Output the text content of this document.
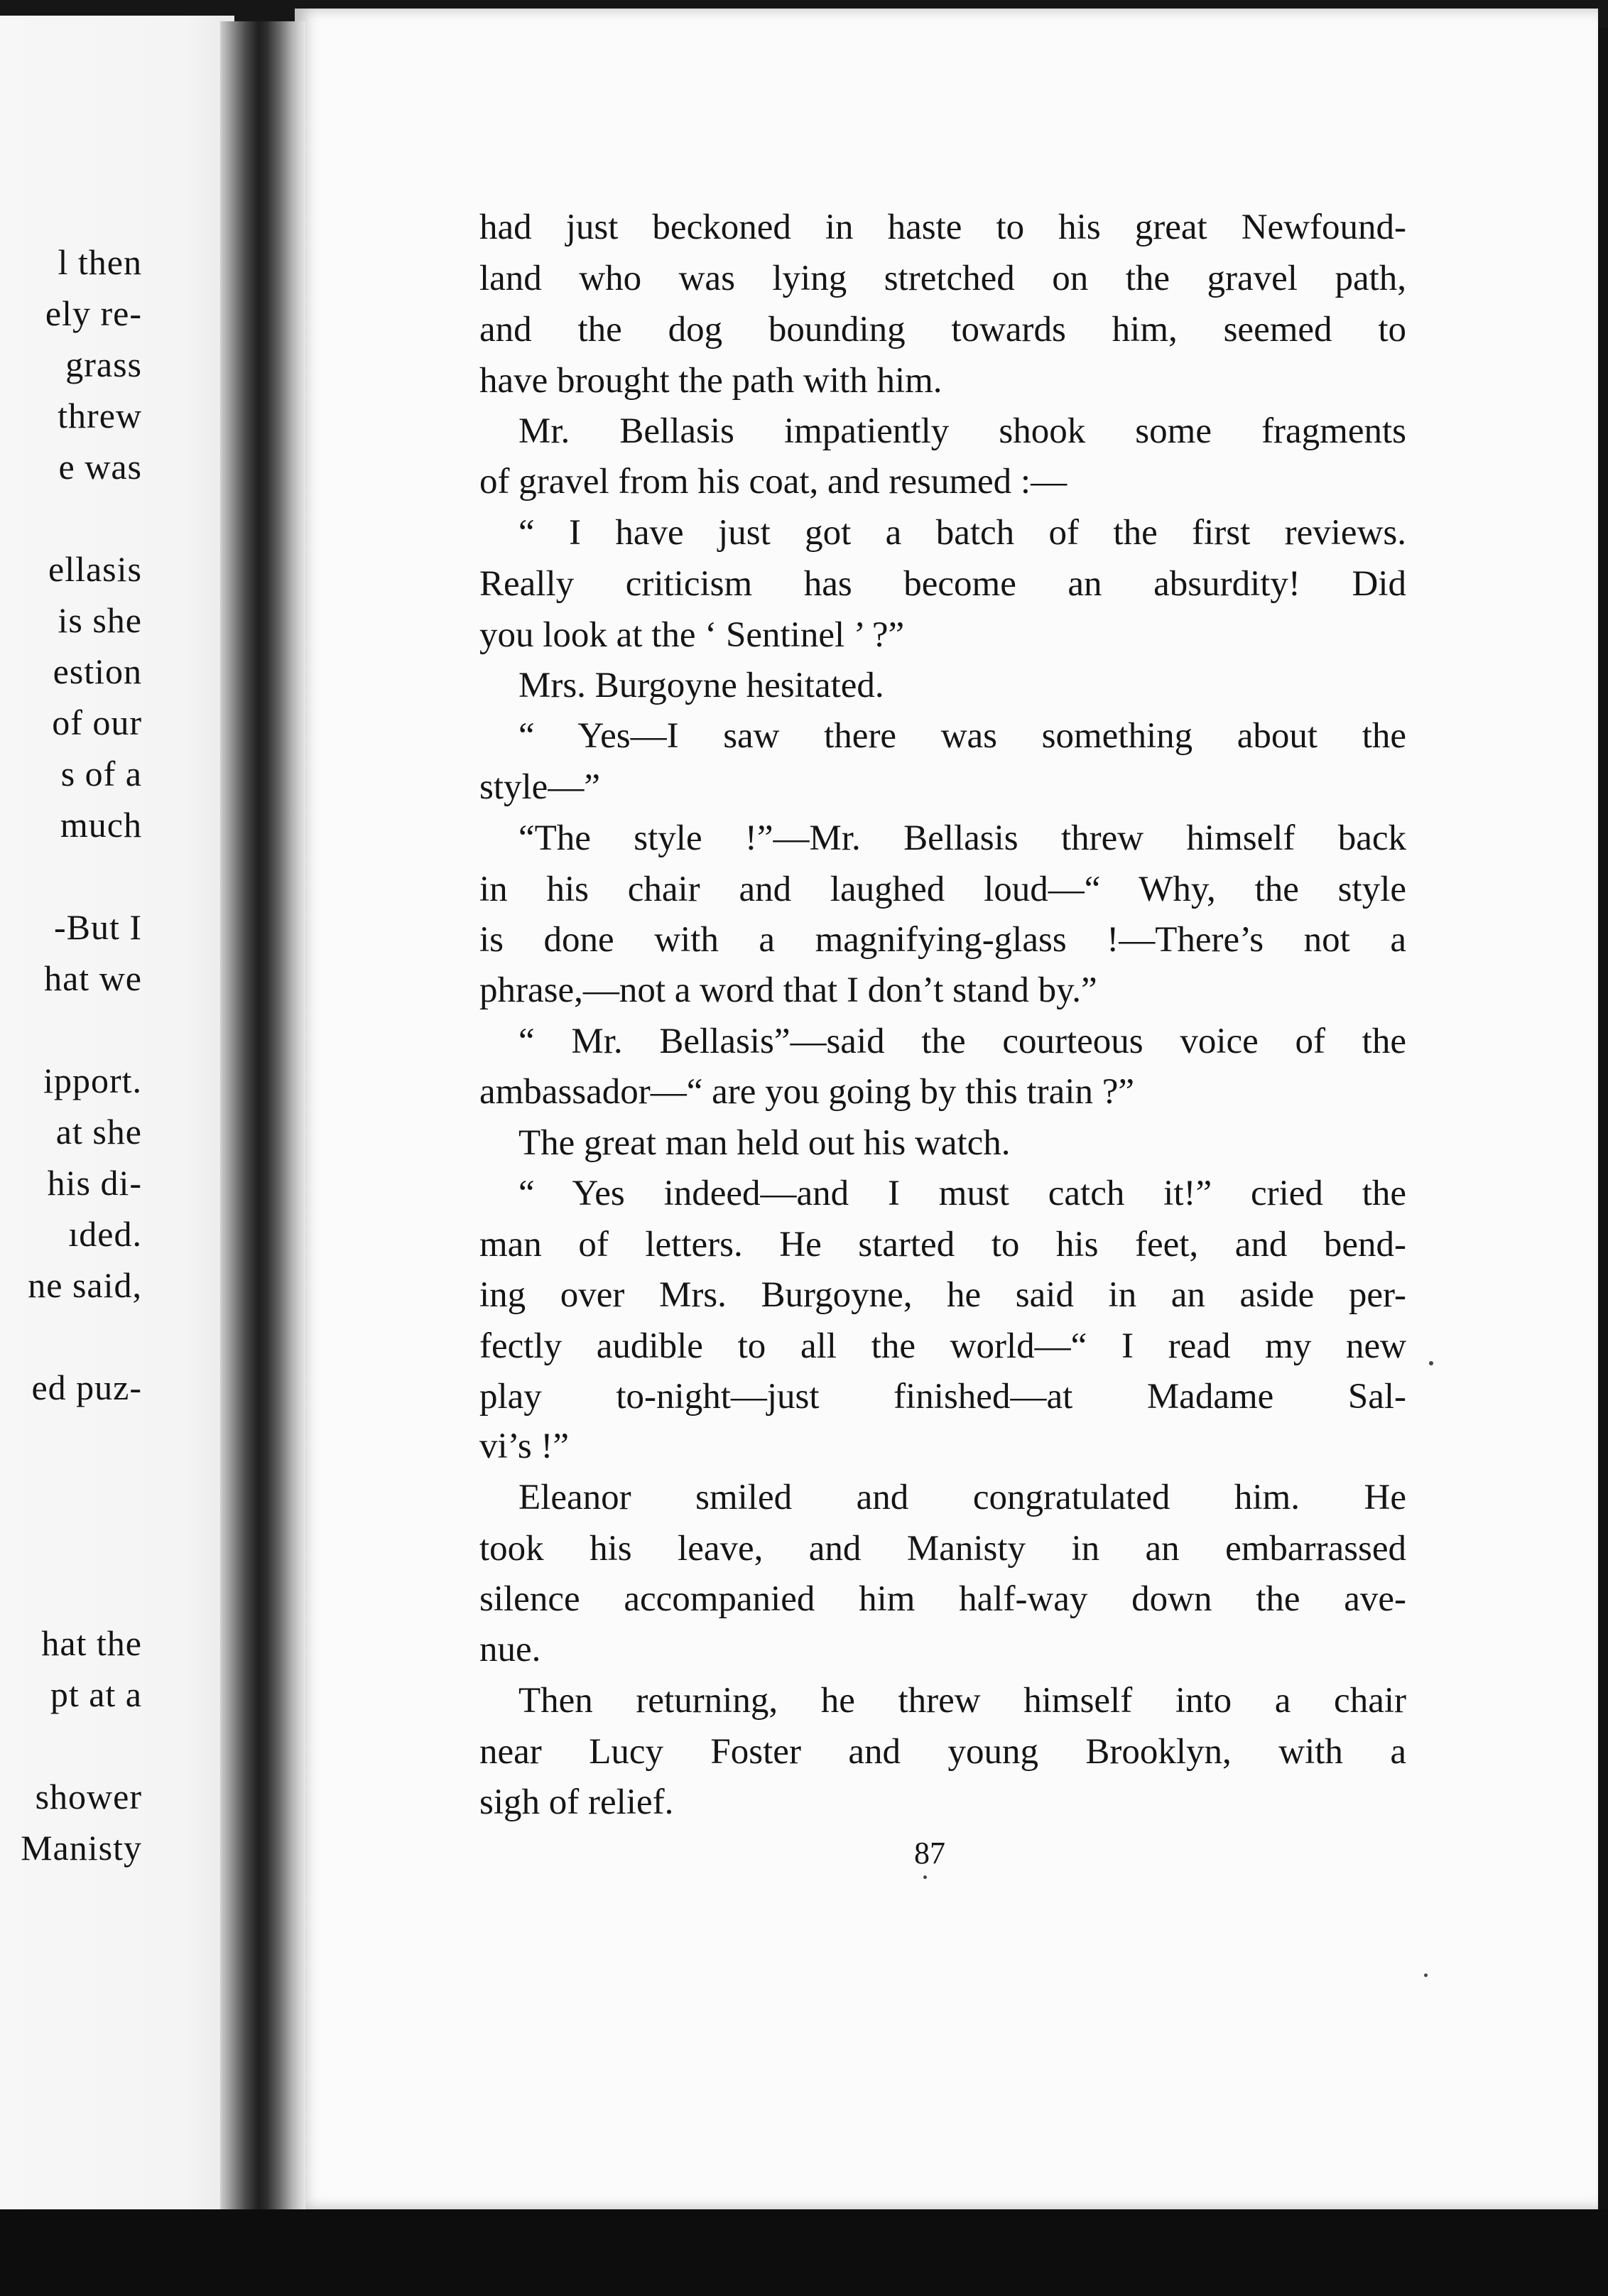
l then
ely re-
grass
threw
e was
ellasis
is she
estion
of our
s of a
much
-But I
hat we
ipport.
at she
his di-
ıded.
ne said,
ed puz-
hat the
pt at a
shower
Manisty
had just beckoned in haste to his great Newfound-
land who was lying stretched on the gravel path,
and the dog bounding towards him, seemed to
have brought the path with him.
Mr. Bellasis impatiently shook some fragments
of gravel from his coat, and resumed :—
“ I have just got a batch of the first reviews.
Really criticism has become an absurdity! Did
you look at the ‘ Sentinel ’ ?”
Mrs. Burgoyne hesitated.
“ Yes—I saw there was something about the
style—”
“The style !”—Mr. Bellasis threw himself back
in his chair and laughed loud—“ Why, the style
is done with a magnifying-glass !—There’s not a
phrase,—not a word that I don’t stand by.”
“ Mr. Bellasis”—said the courteous voice of the
ambassador—“ are you going by this train ?”
The great man held out his watch.
“ Yes indeed—and I must catch it!” cried the
man of letters. He started to his feet, and bend-
ing over Mrs. Burgoyne, he said in an aside per-
fectly audible to all the world—“ I read my new
play to-night—just finished—at Madame Sal-
vi’s !”
Eleanor smiled and congratulated him. He
took his leave, and Manisty in an embarrassed
silence accompanied him half-way down the ave-
nue.
Then returning, he threw himself into a chair
near Lucy Foster and young Brooklyn, with a
sigh of relief.
87
